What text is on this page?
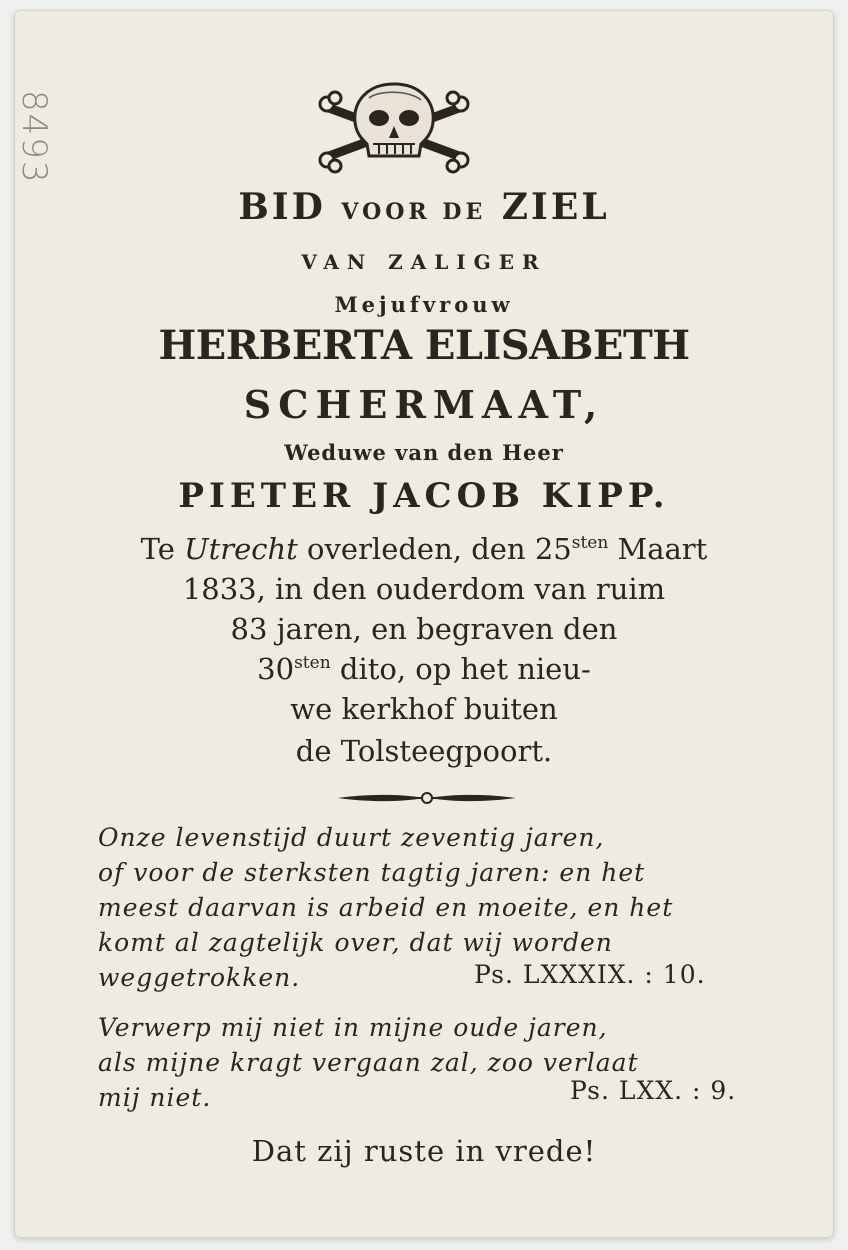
8493
BID VOOR DE ZIEL
VAN ZALIGER
Mejufvrouw
HERBERTA ELISABETH
SCHERMAAT,
Weduwe van den Heer
PIETER JACOB KIPP.
Te Utrecht overleden, den $25^{sten}$ Maart
1833, in den ouderdom van ruim
83 jaren, en begraven den
$30^{sten}$ dito, op het nieu-
we kerkhof buiten
de Tolsteegpoort.
Onze levenstijd duurt zeventig jaren,
of voor de sterksten tagtig jaren: en het
meest daarvan is arbeid en moeite, en het
komt al zagtelijk over, dat wij worden
weggetrokken.	Ps. LXXXIX. : 10.
Verwerp mij niet in mijne oude jaren,
als mijne kragt vergaan zal, zoo verlaat
mij niet.	Ps. LXX. : 9.
Dat zij ruste in vrede!
